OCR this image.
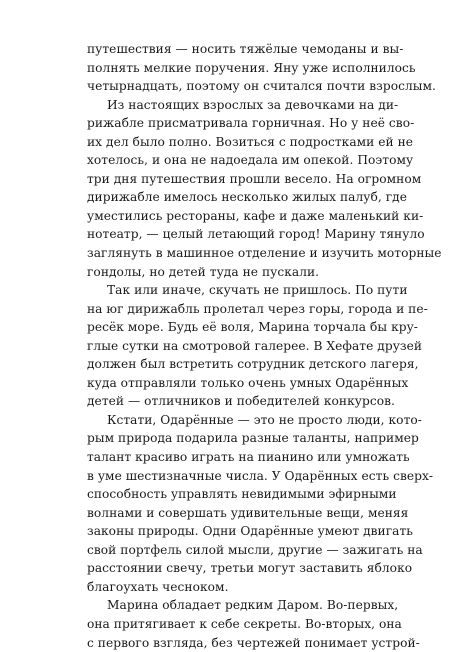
путешествия — носить тяжёлые чемоданы и вы-
полнять мелкие поручения. Яну уже исполнилось
четырнадцать, поэтому он считался почти взрослым.
Из настоящих взрослых за девочками на ди-
рижабле присматривала горничная. Но у неё сво-
их дел было полно. Возиться с подростками ей не
хотелось, и она не надоедала им опекой. Поэтому
три дня путешествия прошли весело. На огромном
дирижабле имелось несколько жилых палуб, где
уместились рестораны, кафе и даже маленький ки-
нотеатр, — целый летающий город! Марину тянуло
заглянуть в машинное отделение и изучить моторные
гондолы, но детей туда не пускали.
Так или иначе, скучать не пришлось. По пути
на юг дирижабль пролетал через горы, города и пе-
ресёк море. Будь её воля, Марина торчала бы кру-
глые сутки на смотровой галерее. В Хефате друзей
должен был встретить сотрудник детского лагеря,
куда отправляли только очень умных Одарённых
детей — отличников и победителей конкурсов.
Кстати, Одарённые — это не просто люди, кото-
рым природа подарила разные таланты, например
талант красиво играть на пианино или умножать
в уме шестизначные числа. У Одарённых есть сверх-
способность управлять невидимыми эфирными
волнами и совершать удивительные вещи, меняя
законы природы. Одни Одарённые умеют двигать
свой портфель силой мысли, другие — зажигать на
расстоянии свечу, третьи могут заставить яблоко
благоухать чесноком.
Марина обладает редким Даром. Во-первых,
она притягивает к себе секреты. Во-вторых, она
с первого взгляда, без чертежей понимает устрой-
